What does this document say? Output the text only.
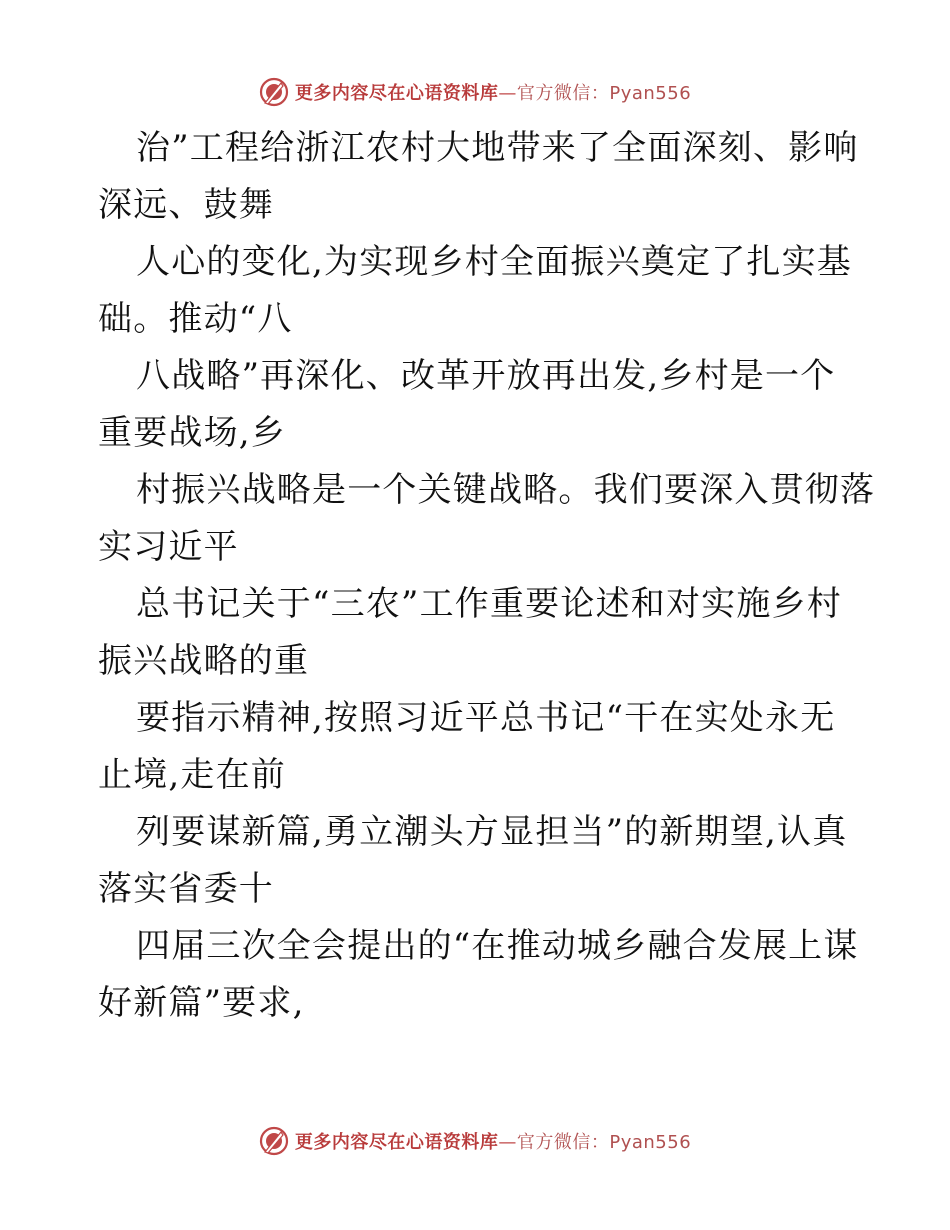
更多内容尽在心语资料库—官方微信：Pyan556
治”工程给浙江农村大地带来了全面深刻、影响
深远、鼓舞
人心的变化,为实现乡村全面振兴奠定了扎实基
础。推动“八
八战略”再深化、改革开放再出发,乡村是一个
重要战场,乡
村振兴战略是一个关键战略。我们要深入贯彻落
实习近平
总书记关于“三农”工作重要论述和对实施乡村
振兴战略的重
要指示精神,按照习近平总书记“干在实处永无
止境,走在前
列要谋新篇,勇立潮头方显担当”的新期望,认真
落实省委十
四届三次全会提出的“在推动城乡融合发展上谋
好新篇”要求,
更多内容尽在心语资料库—官方微信：Pyan556
